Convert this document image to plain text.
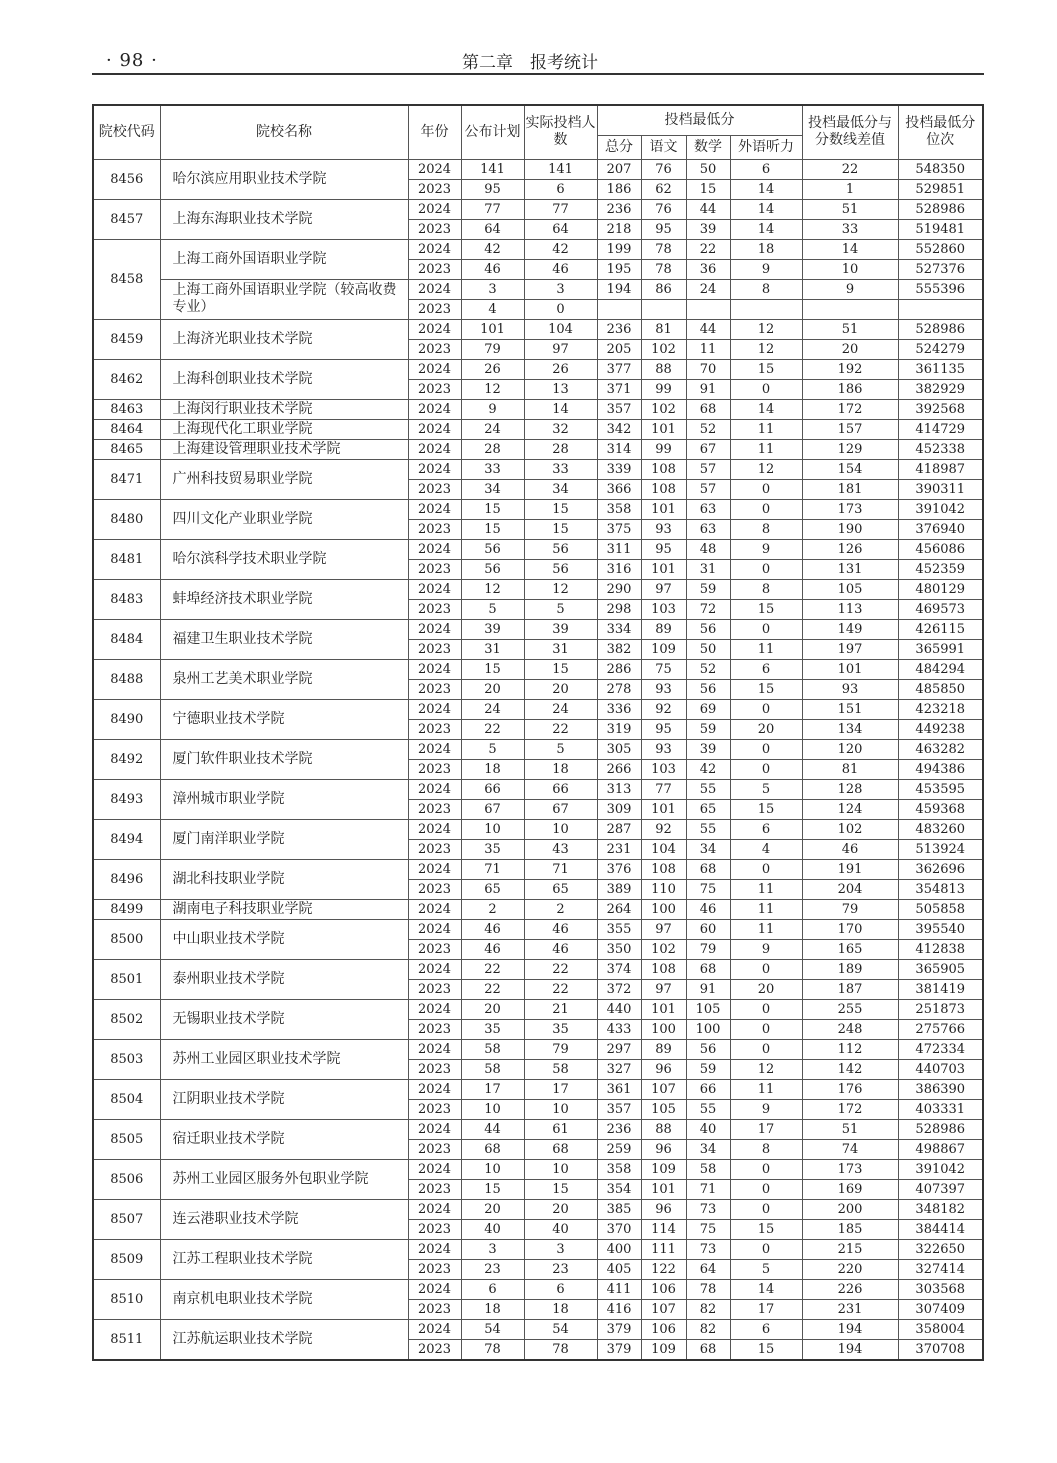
· 98 ·	第二章　报考统计
院校代码	院校名称	年份	公布计划	实际投档人数	投档最低分				投档最低分与分数线差值	投档最低分位次
					总分	语文	数学	外语听力		
8456	哈尔滨应用职业技术学院	2024	141	141	207	76	50	6	22	548350
		2023	95	6	186	62	15	14	1	529851
8457	上海东海职业技术学院	2024	77	77	236	76	44	14	51	528986
		2023	64	64	218	95	39	14	33	519481
8458	上海工商外国语职业学院	2024	42	42	199	78	22	18	14	552860
		2023	46	46	195	78	36	9	10	527376
	上海工商外国语职业学院（较高收费专业）	2024	3	3	194	86	24	8	9	555396
		2023	4	0						
8459	上海济光职业技术学院	2024	101	104	236	81	44	12	51	528986
		2023	79	97	205	102	11	12	20	524279
8462	上海科创职业技术学院	2024	26	26	377	88	70	15	192	361135
		2023	12	13	371	99	91	0	186	382929
8463	上海闵行职业技术学院	2024	9	14	357	102	68	14	172	392568
8464	上海现代化工职业学院	2024	24	32	342	101	52	11	157	414729
8465	上海建设管理职业技术学院	2024	28	28	314	99	67	11	129	452338
8471	广州科技贸易职业学院	2024	33	33	339	108	57	12	154	418987
		2023	34	34	366	108	57	0	181	390311
8480	四川文化产业职业学院	2024	15	15	358	101	63	0	173	391042
		2023	15	15	375	93	63	8	190	376940
8481	哈尔滨科学技术职业学院	2024	56	56	311	95	48	9	126	456086
		2023	56	56	316	101	31	0	131	452359
8483	蚌埠经济技术职业学院	2024	12	12	290	97	59	8	105	480129
		2023	5	5	298	103	72	15	113	469573
8484	福建卫生职业技术学院	2024	39	39	334	89	56	0	149	426115
		2023	31	31	382	109	50	11	197	365991
8488	泉州工艺美术职业学院	2024	15	15	286	75	52	6	101	484294
		2023	20	20	278	93	56	15	93	485850
8490	宁德职业技术学院	2024	24	24	336	92	69	0	151	423218
		2023	22	22	319	95	59	20	134	449238
8492	厦门软件职业技术学院	2024	5	5	305	93	39	0	120	463282
		2023	18	18	266	103	42	0	81	494386
8493	漳州城市职业学院	2024	66	66	313	77	55	5	128	453595
		2023	67	67	309	101	65	15	124	459368
8494	厦门南洋职业学院	2024	10	10	287	92	55	6	102	483260
		2023	35	43	231	104	34	4	46	513924
8496	湖北科技职业学院	2024	71	71	376	108	68	0	191	362696
		2023	65	65	389	110	75	11	204	354813
8499	湖南电子科技职业学院	2024	2	2	264	100	46	11	79	505858
8500	中山职业技术学院	2024	46	46	355	97	60	11	170	395540
		2023	46	46	350	102	79	9	165	412838
8501	泰州职业技术学院	2024	22	22	374	108	68	0	189	365905
		2023	22	22	372	97	91	20	187	381419
8502	无锡职业技术学院	2024	20	21	440	101	105	0	255	251873
		2023	35	35	433	100	100	0	248	275766
8503	苏州工业园区职业技术学院	2024	58	79	297	89	56	0	112	472334
		2023	58	58	327	96	59	12	142	440703
8504	江阴职业技术学院	2024	17	17	361	107	66	11	176	386390
		2023	10	10	357	105	55	9	172	403331
8505	宿迁职业技术学院	2024	44	61	236	88	40	17	51	528986
		2023	68	68	259	96	34	8	74	498867
8506	苏州工业园区服务外包职业学院	2024	10	10	358	109	58	0	173	391042
		2023	15	15	354	101	71	0	169	407397
8507	连云港职业技术学院	2024	20	20	385	96	73	0	200	348182
		2023	40	40	370	114	75	15	185	384414
8509	江苏工程职业技术学院	2024	3	3	400	111	73	0	215	322650
		2023	23	23	405	122	64	5	220	327414
8510	南京机电职业技术学院	2024	6	6	411	106	78	14	226	303568
		2023	18	18	416	107	82	17	231	307409
8511	江苏航运职业技术学院	2024	54	54	379	106	82	6	194	358004
		2023	78	78	379	109	68	15	194	370708
